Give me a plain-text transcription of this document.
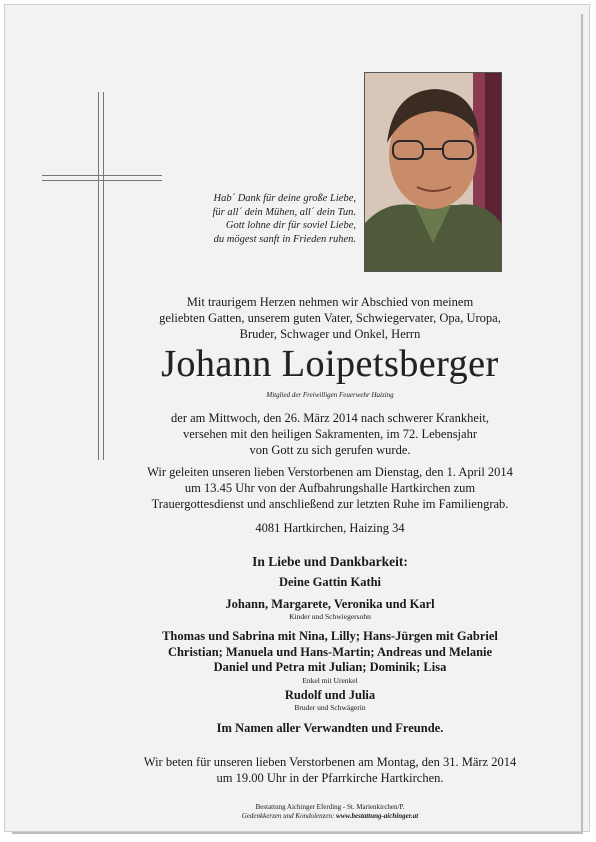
Hab´ Dank für deine große Liebe,
für all´ dein Mühen, all´ dein Tun.
Gott lohne dir für soviel Liebe,
du mögest sanft in Frieden ruhen.
Mit traurigem Herzen nehmen wir Abschied von meinem
geliebten Gatten, unserem guten Vater, Schwiegervater, Opa, Uropa,
Bruder, Schwager und Onkel, Herrn
Johann Loipetsberger
Mitglied der Freiwilligen Feuerwehr Haizing
der am Mittwoch, den 26. März 2014 nach schwerer Krankheit,
versehen mit den heiligen Sakramenten, im 72. Lebensjahr
von Gott zu sich gerufen wurde.
Wir geleiten unseren lieben Verstorbenen am Dienstag, den 1. April 2014
um 13.45 Uhr von der Aufbahrungshalle Hartkirchen zum
Trauergottesdienst und anschließend zur letzten Ruhe im Familiengrab.
4081 Hartkirchen, Haizing 34
In Liebe und Dankbarkeit:
Deine Gattin Kathi
Johann, Margarete, Veronika und Karl
Kinder und Schwiegersohn
Thomas und Sabrina mit Nina, Lilly; Hans-Jürgen mit Gabriel
Christian; Manuela und Hans-Martin; Andreas und Melanie
Daniel und Petra mit Julian; Dominik; Lisa
Enkel mit Urenkel
Rudolf und Julia
Bruder und Schwägerin
Im Namen aller Verwandten und Freunde.
Wir beten für unseren lieben Verstorbenen am Montag, den 31. März 2014
um 19.00 Uhr in der Pfarrkirche Hartkirchen.
Bestattung Aichinger Eferding - St. Marienkirchen/P.
Gedenkkerzen und Kondolenzen: www.bestattung-aichinger.at
